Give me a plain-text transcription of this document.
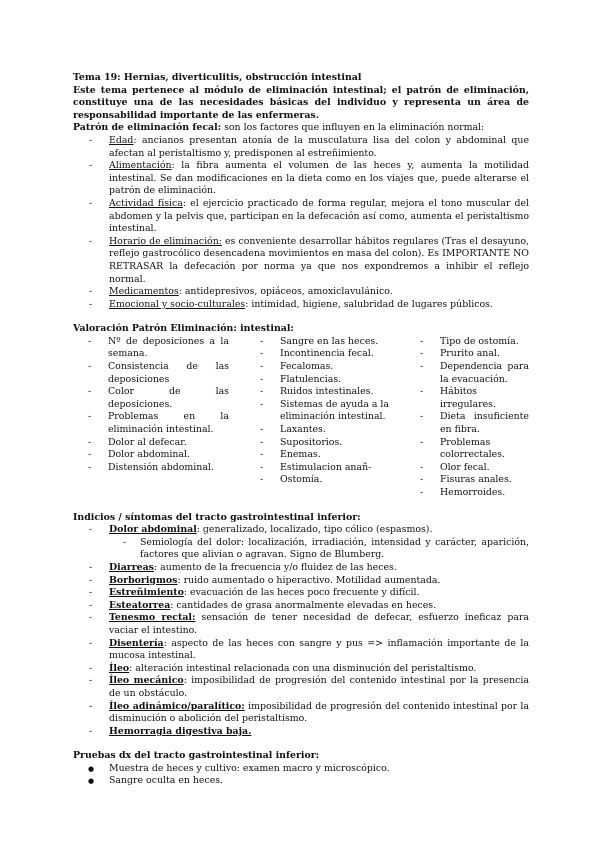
Tema 19: Hernias, diverticulitis, obstrucción intestinal

Este tema pertenece al módulo de eliminación intestinal; el patrón de eliminación, constituye una de las necesidades básicas del individuo y representa un área de responsabilidad importante de las enfermeras.

Patrón de eliminación fecal: son los factores que influyen en la eliminación normal:

- Edad: ancianos presentan atonía de la musculatura lisa del colon y abdominal que afectan al peristaltismo y, predisponen al estreñimiento.
- Alimentación: la fibra aumenta el volumen de las heces y, aumenta la motilidad intestinal. Se dan modificaciones en la dieta como en los viajes que, puede alterarse el patrón de eliminación.
- Actividad física: el ejercicio practicado de forma regular, mejora el tono muscular del abdomen y la pelvis que, participan en la defecación así como, aumenta el peristaltismo intestinal.
- Horario de eliminación: es conveniente desarrollar hábitos regulares (Tras el desayuno, reflejo gastrocólico desencadena movimientos en masa del colon). Es IMPORTANTE NO RETRASAR la defecación por norma ya que nos expondremos a inhibir el reflejo normal.
- Medicamentos: antidepresivos, opiáceos, amoxiclavulánico.
- Emocional y socio-culturales: intimidad, higiene, salubridad de lugares públicos.

Valoración Patrón Eliminación: intestinal:

- Nº de deposiciones a la semana.
- Consistencia de las deposiciones
- Color de las deposiciones.
- Problemas en la eliminación intestinal.
- Dolor al defecar.
- Dolor abdominal.
- Distensión abdominal.
- Sangre en las heces.
- Incontinencia fecal.
- Fecalomas.
- Flatulencias.
- Ruidos intestinales.
- Sistemas de ayuda a la eliminación intestinal.
- Laxantes.
- Supositorios.
- Enemas.
- Estimulacion anañ-
- Ostomía.
- Tipo de ostomía.
- Prurito anal.
- Dependencia para la evacuación.
- Hábitos irregulares.
- Dieta insuficiente en fibra.
- Problemas colorrectales.
- Olor fecal.
- Fisuras anales.
- Hemorroides.

Indicios / síntomas del tracto gastrointestinal inferior:

- Dolor abdominal: generalizado, localizado, tipo cólico (espasmos).
- Semiología del dolor: localización, irradiación, intensidad y carácter, aparición, factores que alivian o agravan. Signo de Blumberg.
- Diarreas: aumento de la frecuencia y/o fluidez de las heces.
- Borborigmos: ruido aumentado o hiperactivo. Motilidad aumentada.
- Estreñimiento: evacuación de las heces poco frecuente y difícil.
- Esteatorrea: cantidades de grasa anormalmente elevadas en heces.
- Tenesmo rectal: sensación de tener necesidad de defecar, esfuerzo ineficaz para vaciar el intestino.
- Disentería: aspecto de las heces con sangre y pus => inflamación importante de la mucosa intestinal.
- Íleo: alteración intestinal relacionada con una disminución del peristaltismo.
- Íleo mecánico: imposibilidad de progresión del contenido intestinal por la presencia de un obstáculo.
- Íleo adinámico/paralítico: imposibilidad de progresión del contenido intestinal por la disminución o abolición del peristaltismo.
- Hemorragia digestiva baja.

Pruebas dx del tracto gastrointestinal inferior:

● Muestra de heces y cultivo: examen macro y microscópico.
● Sangre oculta en heces.
